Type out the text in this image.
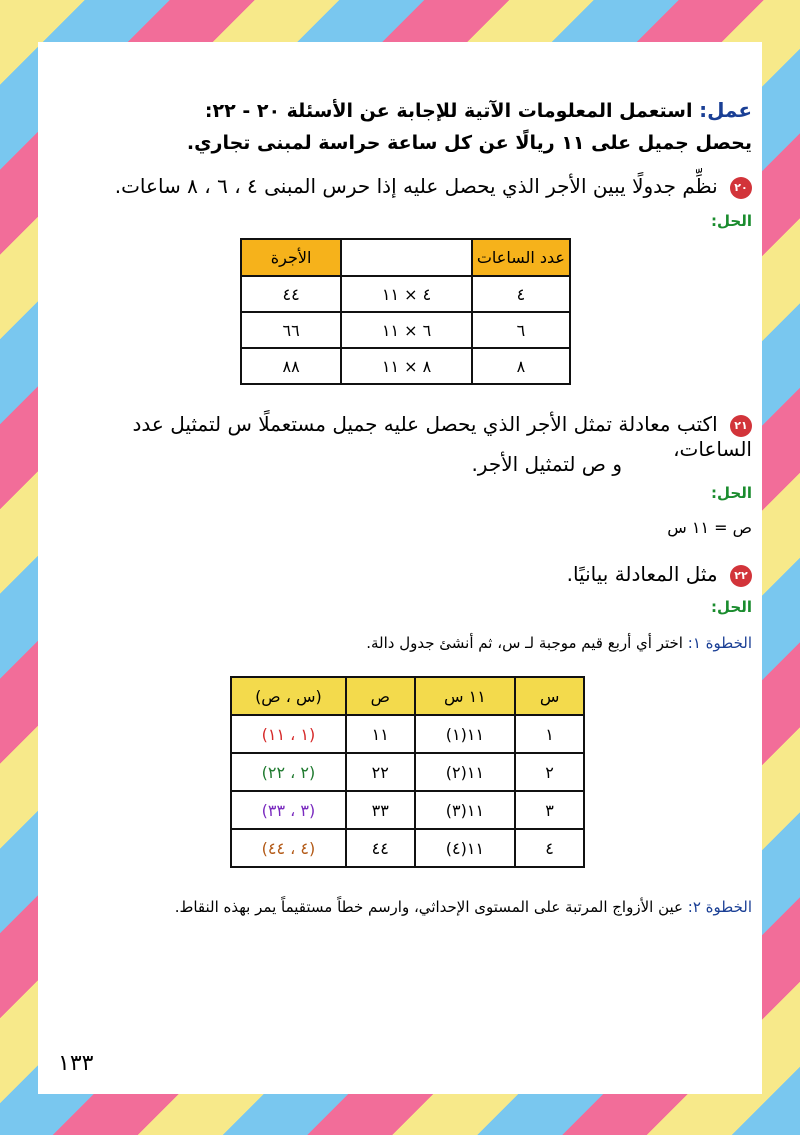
عمل: استعمل المعلومات الآتية للإجابة عن الأسئلة ٢٠ - ٢٢:
يحصل جميل على ١١ ريالًا عن كل ساعة حراسة لمبنى تجاري.
٢٠ نظِّم جدولًا يبين الأجر الذي يحصل عليه إذا حرس المبنى ٤ ، ٦ ، ٨ ساعات.
الحل:
عدد الساعات		الأجرة
٤	٤ × ١١	٤٤
٦	٦ × ١١	٦٦
٨	٨ × ١١	٨٨
٢١ اكتب معادلة تمثل الأجر الذي يحصل عليه جميل مستعملًا س لتمثيل عدد الساعات،
و ص لتمثيل الأجر.
الحل:
ص = ١١ س
٢٢ مثل المعادلة بيانيًا.
الحل:
الخطوة ١: اختر أي أربع قيم موجبة لـ س، ثم أنشئ جدول دالة.
س	١١ س	ص	(س ، ص)
١	١١(١)	١١	(١ ، ١١)
٢	١١(٢)	٢٢	(٢ ، ٢٢)
٣	١١(٣)	٣٣	(٣ ، ٣٣)
٤	١١(٤)	٤٤	(٤ ، ٤٤)
الخطوة ٢: عين الأزواج المرتبة على المستوى الإحداثي، وارسم خطاً مستقيماً يمر بهذه النقاط.
١٣٣
